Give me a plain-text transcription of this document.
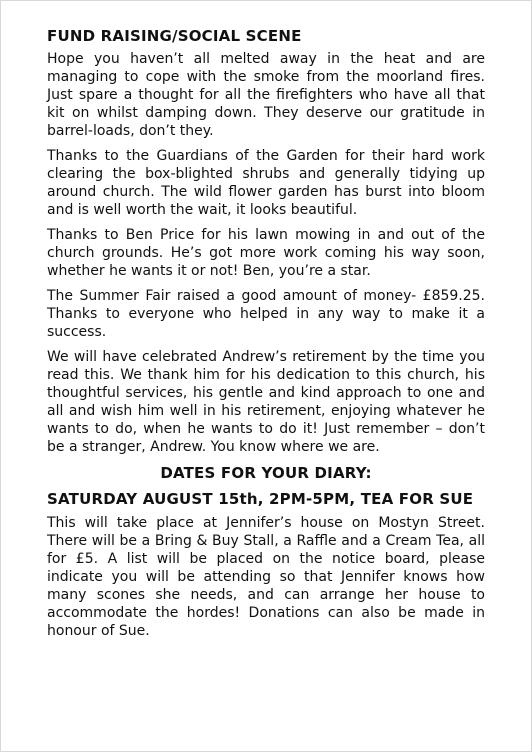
FUND RAISING/SOCIAL SCENE

Hope you haven’t all melted away in the heat and are managing to cope with the smoke from the moorland fires. Just spare a thought for all the firefighters who have all that kit on whilst damping down. They deserve our gratitude in barrel-loads, don’t they.

Thanks to the Guardians of the Garden for their hard work clearing the box-blighted shrubs and generally tidying up around church. The wild flower garden has burst into bloom and is well worth the wait, it looks beautiful.

Thanks to Ben Price for his lawn mowing in and out of the church grounds. He’s got more work coming his way soon, whether he wants it or not! Ben, you’re a star.

The Summer Fair raised a good amount of money- £859.25. Thanks to everyone who helped in any way to make it a success.

We will have celebrated Andrew’s retirement by the time you read this. We thank him for his dedication to this church, his thoughtful services, his gentle and kind approach to one and all and wish him well in his retirement, enjoying whatever he wants to do, when he wants to do it! Just remember – don’t be a stranger, Andrew. You know where we are.

DATES FOR YOUR DIARY:
SATURDAY AUGUST 15th, 2PM-5PM, TEA FOR SUE

This will take place at Jennifer’s house on Mostyn Street. There will be a Bring & Buy Stall, a Raffle and a Cream Tea, all for £5. A list will be placed on the notice board, please indicate you will be attending so that Jennifer knows how many scones she needs, and can arrange her house to accommodate the hordes! Donations can also be made in honour of Sue.
